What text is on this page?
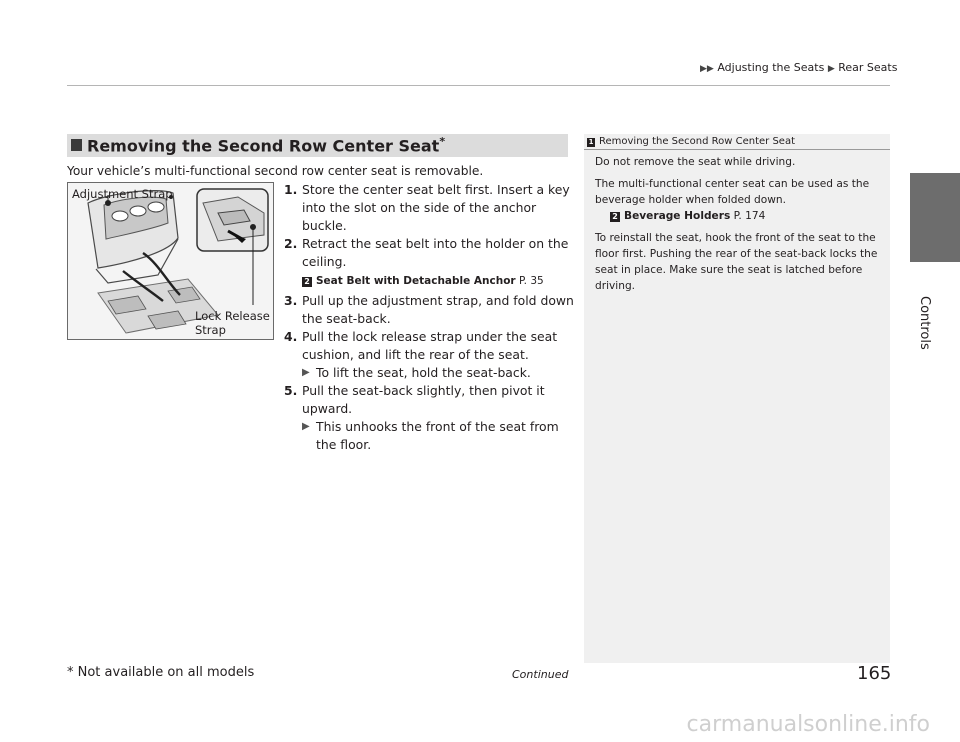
▶▶ Adjusting the Seats ▶ Rear Seats
Controls
Removing the Second Row Center Seat*
Your vehicle’s multi-functional second row center seat is removable.
Adjustment Strap
Lock Release
Strap
1. Store the center seat belt first. Insert a key into the slot on the side of the anchor buckle.
2. Retract the seat belt into the holder on the ceiling.
2 Seat Belt with Detachable Anchor P. 35
3. Pull up the adjustment strap, and fold down the seat-back.
4. Pull the lock release strap under the seat cushion, and lift the rear of the seat.
▶ To lift the seat, hold the seat-back.
5. Pull the seat-back slightly, then pivot it upward.
▶ This unhooks the front of the seat from the floor.
1 Removing the Second Row Center Seat

Do not remove the seat while driving.

The multi-functional center seat can be used as the beverage holder when folded down.

2 Beverage Holders P. 174

To reinstall the seat, hook the front of the seat to the floor first. Pushing the rear of the seat-back locks the seat in place. Make sure the seat is latched before driving.

* Not available on all models	Continued	165
carmanualsonline.info
